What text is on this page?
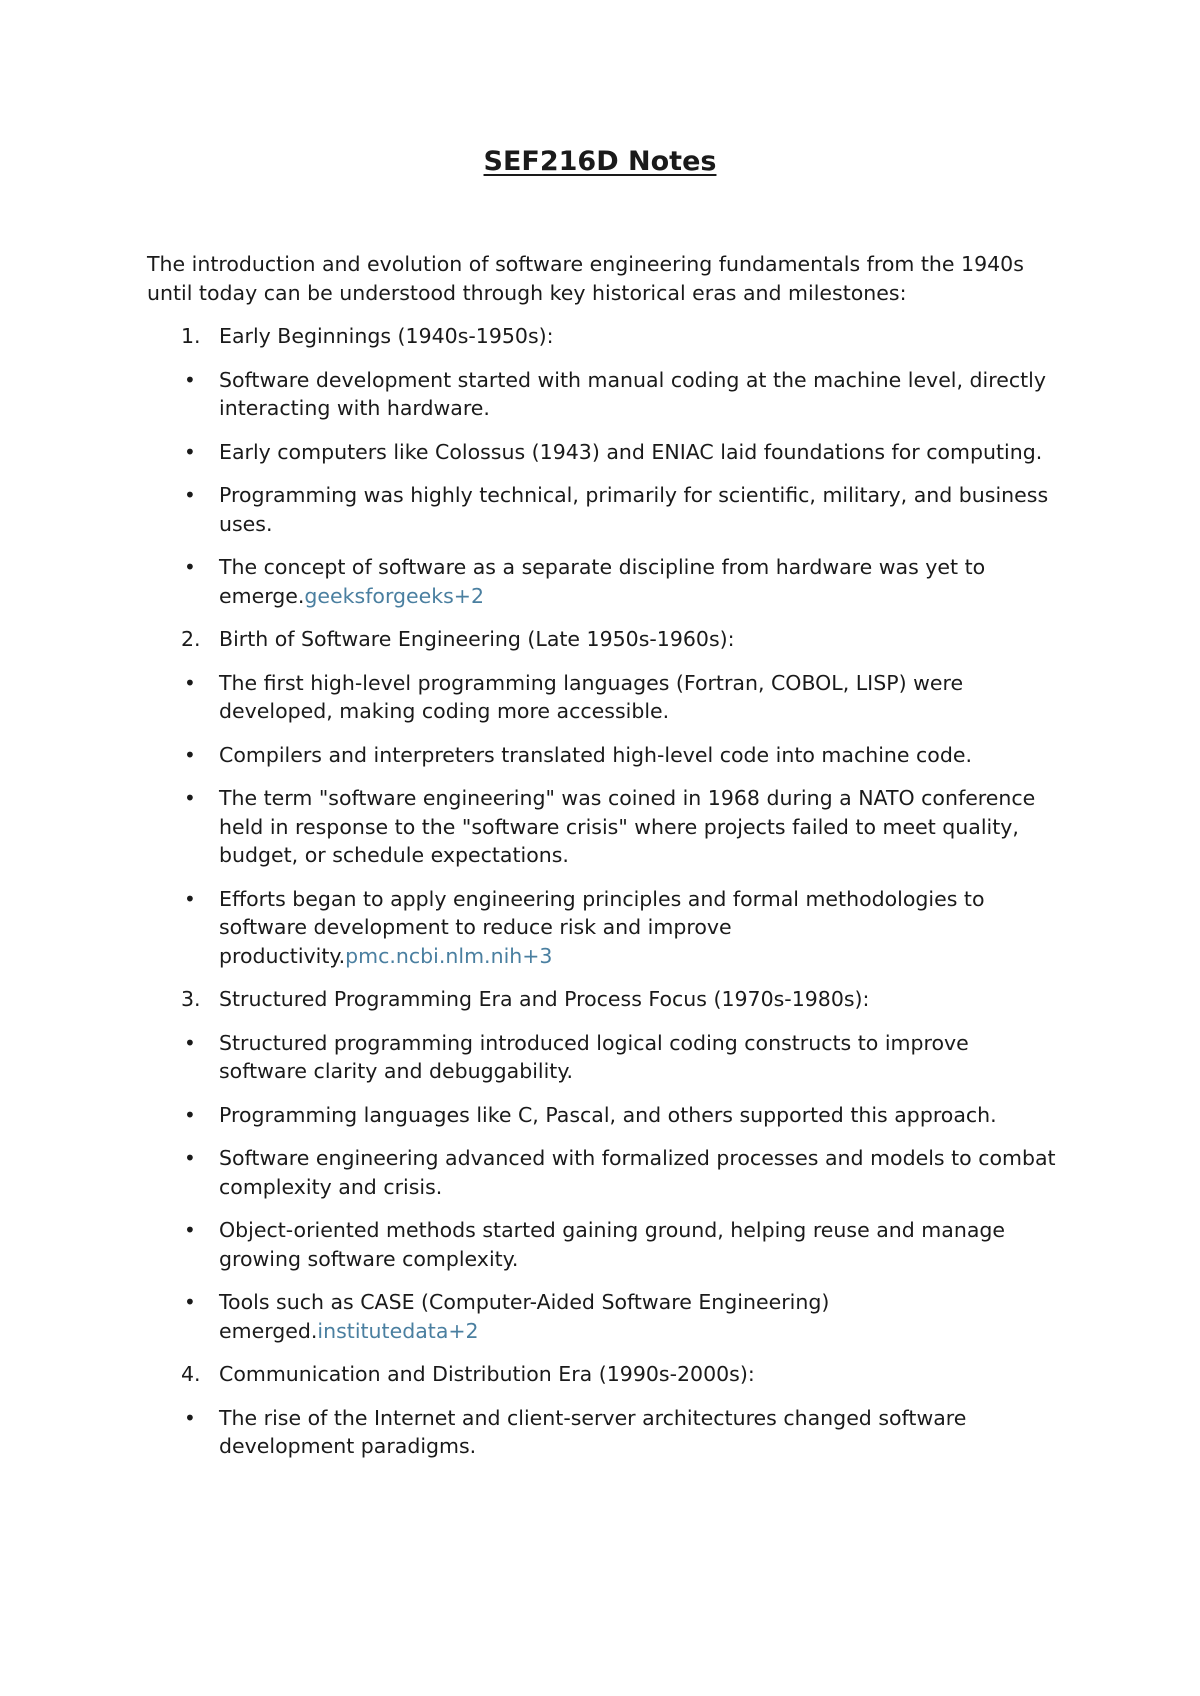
SEF216D Notes

The introduction and evolution of software engineering fundamentals from the 1940s until today can be understood through key historical eras and milestones:

1. Early Beginnings (1940s-1950s):
•	Software development started with manual coding at the machine level, directly interacting with hardware.
•	Early computers like Colossus (1943) and ENIAC laid foundations for computing.
•	Programming was highly technical, primarily for scientific, military, and business uses.
•	The concept of software as a separate discipline from hardware was yet to emerge.geeksforgeeks+2
2. Birth of Software Engineering (Late 1950s-1960s):
•	The first high-level programming languages (Fortran, COBOL, LISP) were developed, making coding more accessible.
•	Compilers and interpreters translated high-level code into machine code.
•	The term "software engineering" was coined in 1968 during a NATO conference held in response to the "software crisis" where projects failed to meet quality, budget, or schedule expectations.
•	Efforts began to apply engineering principles and formal methodologies to software development to reduce risk and improve productivity.pmc.ncbi.nlm.nih+3
3. Structured Programming Era and Process Focus (1970s-1980s):
•	Structured programming introduced logical coding constructs to improve software clarity and debuggability.
•	Programming languages like C, Pascal, and others supported this approach.
•	Software engineering advanced with formalized processes and models to combat complexity and crisis.
•	Object-oriented methods started gaining ground, helping reuse and manage growing software complexity.
•	Tools such as CASE (Computer-Aided Software Engineering) emerged.institutedata+2
4. Communication and Distribution Era (1990s-2000s):
•	The rise of the Internet and client-server architectures changed software development paradigms.
